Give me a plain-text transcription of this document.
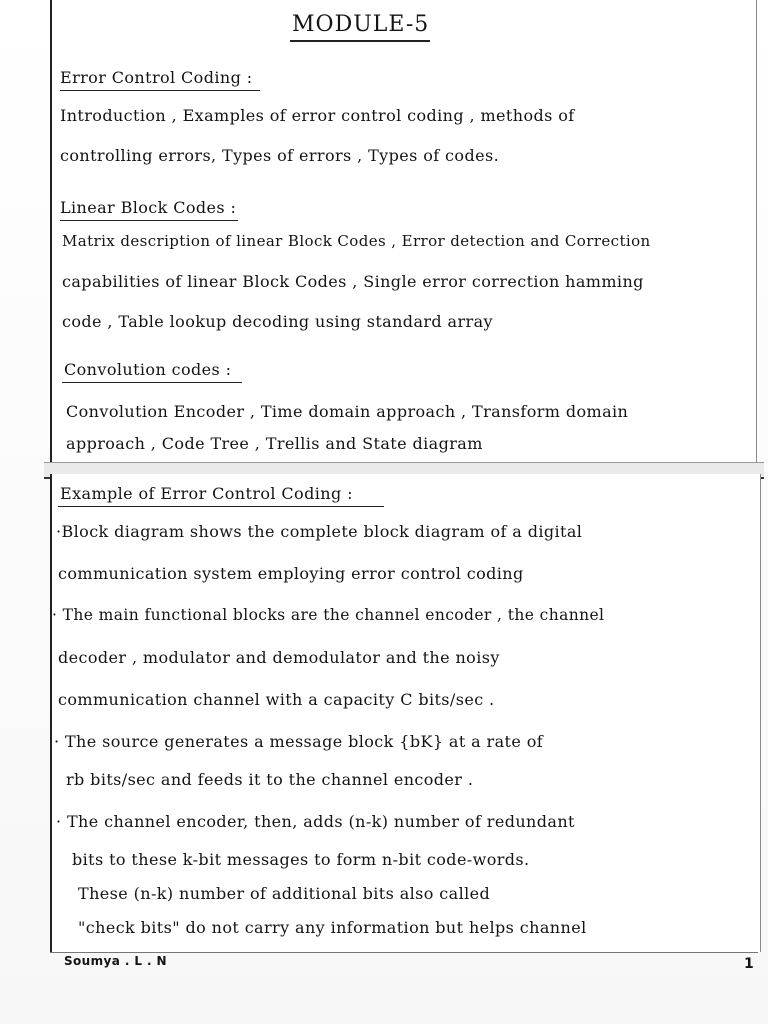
MODULE-5

Error Control Coding :

Introduction , Examples of error control coding , methods of

controlling errors, Types of errors , Types of codes.

Linear Block Codes :

Matrix description of linear Block Codes , Error detection and Correction

capabilities of linear Block Codes , Single error correction hamming

code , Table lookup decoding using standard array

Convolution codes :

Convolution Encoder , Time domain approach , Transform domain

approach , Code Tree , Trellis and State diagram

Example of Error Control Coding :

·Block diagram shows the complete block diagram of a digital

communication system employing error control coding

· The main functional blocks are the channel encoder , the channel

decoder , modulator and demodulator and the noisy

communication channel with a capacity C bits/sec .

· The source generates a message block {bK} at a rate of

rb bits/sec and feeds it to the channel encoder .

· The channel encoder, then, adds (n-k) number of redundant

bits to these k-bit messages to form n-bit code-words.

These (n-k) number of additional bits also called

"check bits" do not carry any information but helps channel

Soumya . L . N	1
